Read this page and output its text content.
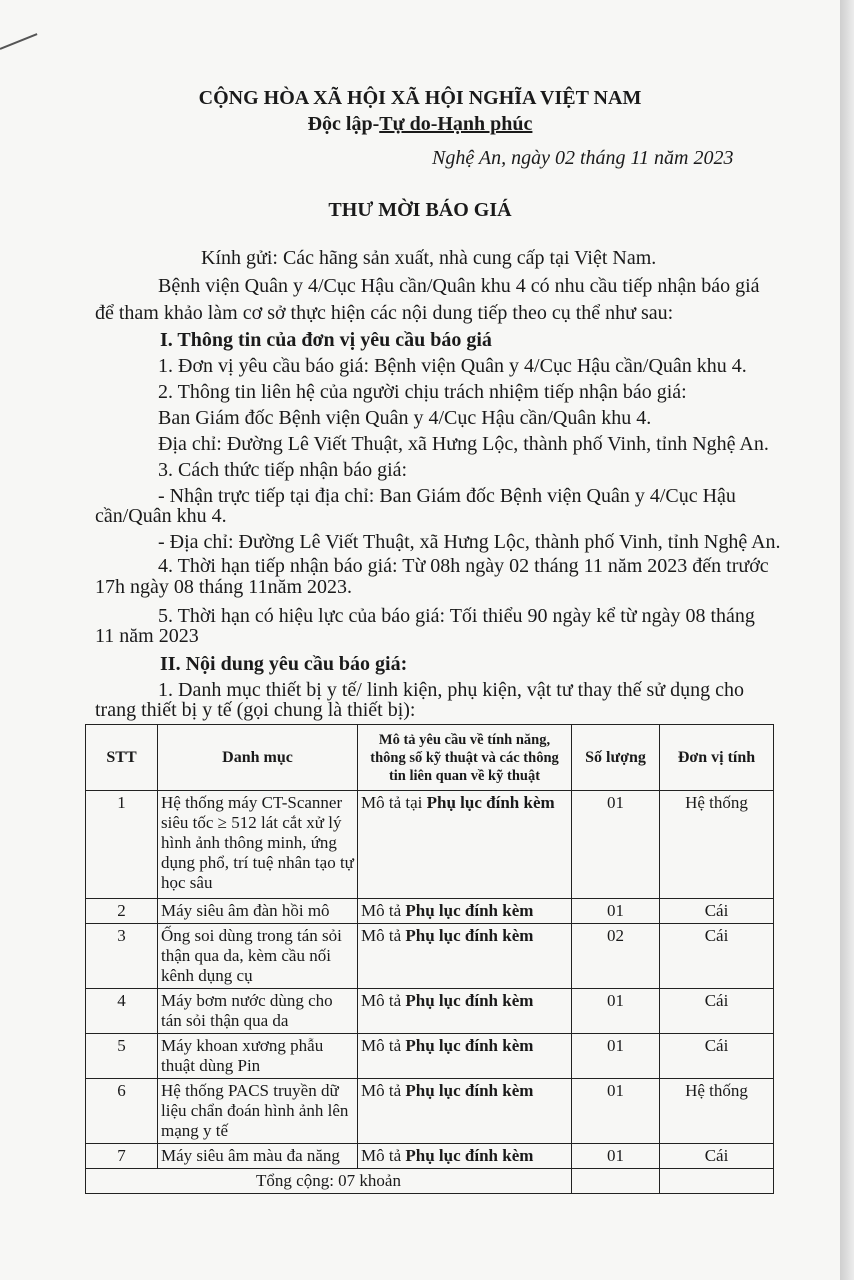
CỘNG HÒA XÃ HỘI XÃ HỘI NGHĨA VIỆT NAM
Độc lập-Tự do-Hạnh phúc
Nghệ An, ngày 02 tháng 11 năm 2023
THƯ MỜI BÁO GIÁ
Kính gửi: Các hãng sản xuất, nhà cung cấp tại Việt Nam.
Bệnh viện Quân y 4/Cục Hậu cần/Quân khu 4 có nhu cầu tiếp nhận báo giá
để tham khảo làm cơ sở thực hiện các nội dung tiếp theo cụ thể như sau:
I. Thông tin của đơn vị yêu cầu báo giá
1. Đơn vị yêu cầu báo giá: Bệnh viện Quân y 4/Cục Hậu cần/Quân khu 4.
2. Thông tin liên hệ của người chịu trách nhiệm tiếp nhận báo giá:
Ban Giám đốc Bệnh viện Quân y 4/Cục Hậu cần/Quân khu 4.
Địa chỉ: Đường Lê Viết Thuật, xã Hưng Lộc, thành phố Vinh, tỉnh Nghệ An.
3. Cách thức tiếp nhận báo giá:
- Nhận trực tiếp tại địa chỉ: Ban Giám đốc Bệnh viện Quân y 4/Cục Hậu
cần/Quân khu 4.
- Địa chỉ: Đường Lê Viết Thuật, xã Hưng Lộc, thành phố Vinh, tỉnh Nghệ An.
4. Thời hạn tiếp nhận báo giá: Từ 08h ngày 02 tháng 11 năm 2023 đến trước
17h ngày 08 tháng 11năm 2023.
5. Thời hạn có hiệu lực của báo giá: Tối thiểu 90 ngày kể từ ngày 08 tháng
11 năm 2023
II. Nội dung yêu cầu báo giá:
1. Danh mục thiết bị y tế/ linh kiện, phụ kiện, vật tư thay thế sử dụng cho
trang thiết bị y tế (gọi chung là thiết bị):
STT	Danh mục	Mô tả yêu cầu về tính năng, thông số kỹ thuật và các thông tin liên quan về kỹ thuật	Số lượng	Đơn vị tính
1	Hệ thống máy CT-Scanner siêu tốc ≥ 512 lát cắt xử lý hình ảnh thông minh, ứng dụng phổ, trí tuệ nhân tạo tự học sâu	Mô tả tại Phụ lục đính kèm	01	Hệ thống
2	Máy siêu âm đàn hồi mô	Mô tả Phụ lục đính kèm	01	Cái
3	Ống soi dùng trong tán sỏi thận qua da, kèm cầu nối kênh dụng cụ	Mô tả Phụ lục đính kèm	02	Cái
4	Máy bơm nước dùng cho tán sỏi thận qua da	Mô tả Phụ lục đính kèm	01	Cái
5	Máy khoan xương phẫu thuật dùng Pin	Mô tả Phụ lục đính kèm	01	Cái
6	Hệ thống PACS truyền dữ liệu chẩn đoán hình ảnh lên mạng y tế	Mô tả Phụ lục đính kèm	01	Hệ thống
7	Máy siêu âm màu đa năng	Mô tả Phụ lục đính kèm	01	Cái
Tổng cộng: 07 khoản				
